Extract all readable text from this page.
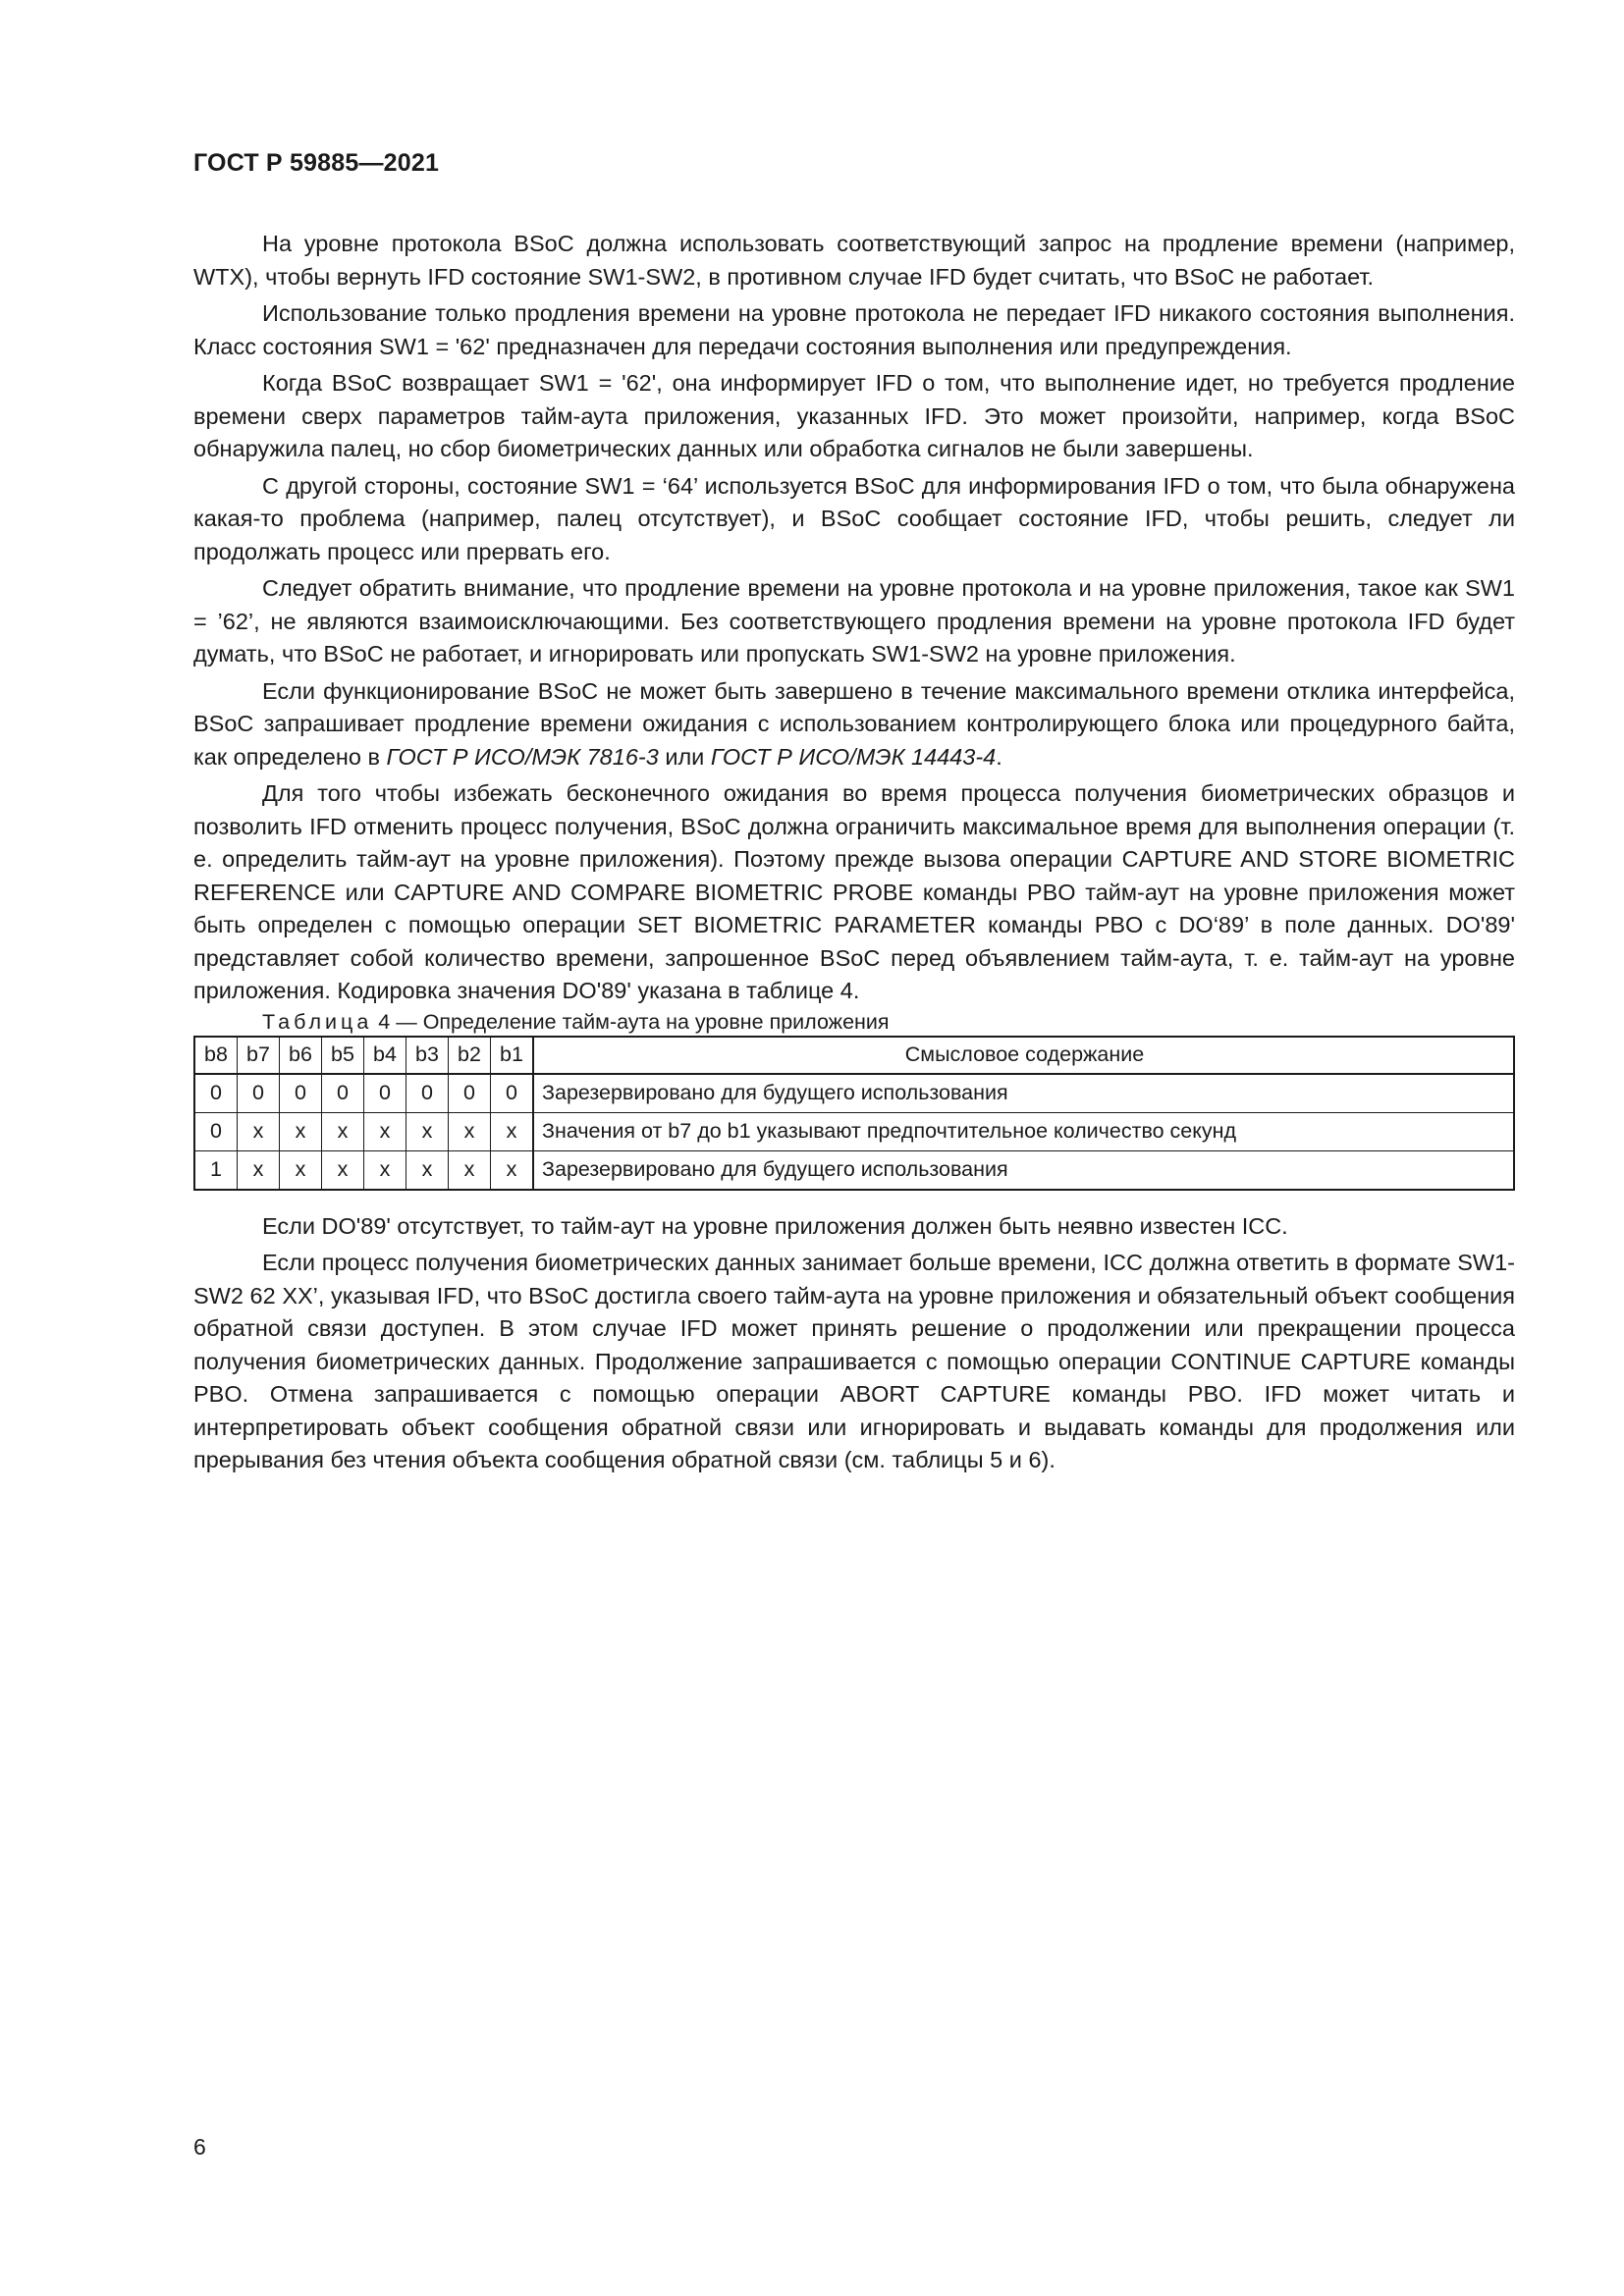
ГОСТ Р 59885—2021

На уровне протокола BSoC должна использовать соответствующий запрос на продление времени (например, WTX), чтобы вернуть IFD состояние SW1-SW2, в противном случае IFD будет считать, что BSoC не работает.

Использование только продления времени на уровне протокола не передает IFD никакого состояния выполнения. Класс состояния SW1 = '62' предназначен для передачи состояния выполнения или предупреждения.

Когда BSoC возвращает SW1 = '62', она информирует IFD о том, что выполнение идет, но требуется продление времени сверх параметров тайм-аута приложения, указанных IFD. Это может произойти, например, когда BSoC обнаружила палец, но сбор биометрических данных или обработка сигналов не были завершены.

С другой стороны, состояние SW1 = ‘64’ используется BSoC для информирования IFD о том, что была обнаружена какая-то проблема (например, палец отсутствует), и BSoC сообщает состояние IFD, чтобы решить, следует ли продолжать процесс или прервать его.

Следует обратить внимание, что продление времени на уровне протокола и на уровне приложения, такое как SW1 = ’62’, не являются взаимоисключающими. Без соответствующего продления времени на уровне протокола IFD будет думать, что BSoC не работает, и игнорировать или пропускать SW1-SW2 на уровне приложения.

Если функционирование BSoC не может быть завершено в течение максимального времени отклика интерфейса, BSoC запрашивает продление времени ожидания с использованием контролирующего блока или процедурного байта, как определено в ГОСТ Р ИСО/МЭК 7816-3 или ГОСТ Р ИСО/МЭК 14443-4.

Для того чтобы избежать бесконечного ожидания во время процесса получения биометрических образцов и позволить IFD отменить процесс получения, BSoC должна ограничить максимальное время для выполнения операции (т. е. определить тайм-аут на уровне приложения). Поэтому прежде вызова операции CAPTURE AND STORE BIOMETRIC REFERENCE или CAPTURE AND COMPARE BIOMETRIC PROBE команды PBO тайм-аут на уровне приложения может быть определен с помощью операции SET BIOMETRIC PARAMETER команды PBO с DO‘89’ в поле данных. DO'89' представляет собой количество времени, запрошенное BSoC перед объявлением тайм-аута, т. е. тайм-аут на уровне приложения. Кодировка значения DO'89' указана в таблице 4.

Таблица 4 — Определение тайм-аута на уровне приложения

b8	b7	b6	b5	b4	b3	b2	b1	Смысловое содержание
0	0	0	0	0	0	0	0	Зарезервировано для будущего использования
0	x	x	x	x	x	x	x	Значения от b7 до b1 указывают предпочтительное количество секунд
1	x	x	x	x	x	x	x	Зарезервировано для будущего использования

Если DO'89' отсутствует, то тайм-аут на уровне приложения должен быть неявно известен ICC.

Если процесс получения биометрических данных занимает больше времени, ICC должна ответить в формате SW1-SW2 62 XX’, указывая IFD, что BSoC достигла своего тайм-аута на уровне приложения и обязательный объект сообщения обратной связи доступен. В этом случае IFD может принять решение о продолжении или прекращении процесса получения биометрических данных. Продолжение запрашивается с помощью операции CONTINUE CAPTURE команды PBO. Отмена запрашивается с помощью операции ABORT CAPTURE команды PBO. IFD может читать и интерпретировать объект сообщения обратной связи или игнорировать и выдавать команды для продолжения или прерывания без чтения объекта сообщения обратной связи (см. таблицы 5 и 6).

6
